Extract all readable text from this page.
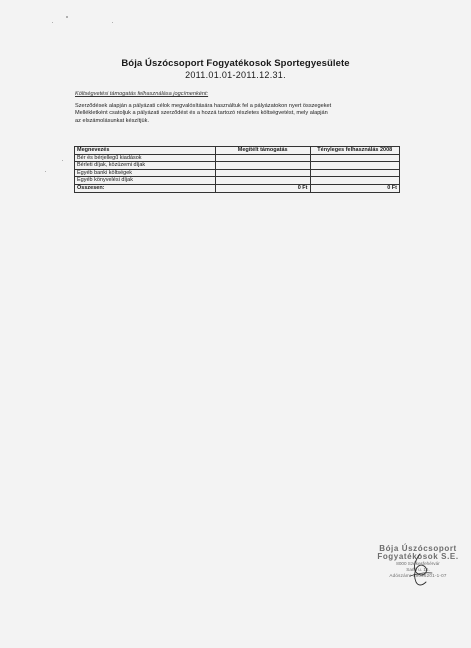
Bója Úszócsoport Fogyatékosok Sportegyesülete
2011.01.01-2011.12.31.
Költségvetési támogatás felhasználása jogcímenként:
Szerződések alapján a pályázati célok megvalósítására használtuk fel a pályázatokon nyert összegeket
Mellékletként csatoljuk a pályázati szerződést és a hozzá tartozó részletes költségvetést, mely alapján
az elszámolásunkat készítjük.
Megnevezés	Megítélt támogatás	Tényleges felhasználás 2008
Bér és bérjellegű kiadások		
Bérleti díjak, közüzemi díjak		
Egyéb banki költségek		
Egyéb könyvelési díjak		
Összesen:	0 Ft	0 Ft
Bója Úszócsoport
Fogyatékosok S.E.
8000 Székesfehérvár
Sarló u. 16.
Adószám: 19096201-1-07
